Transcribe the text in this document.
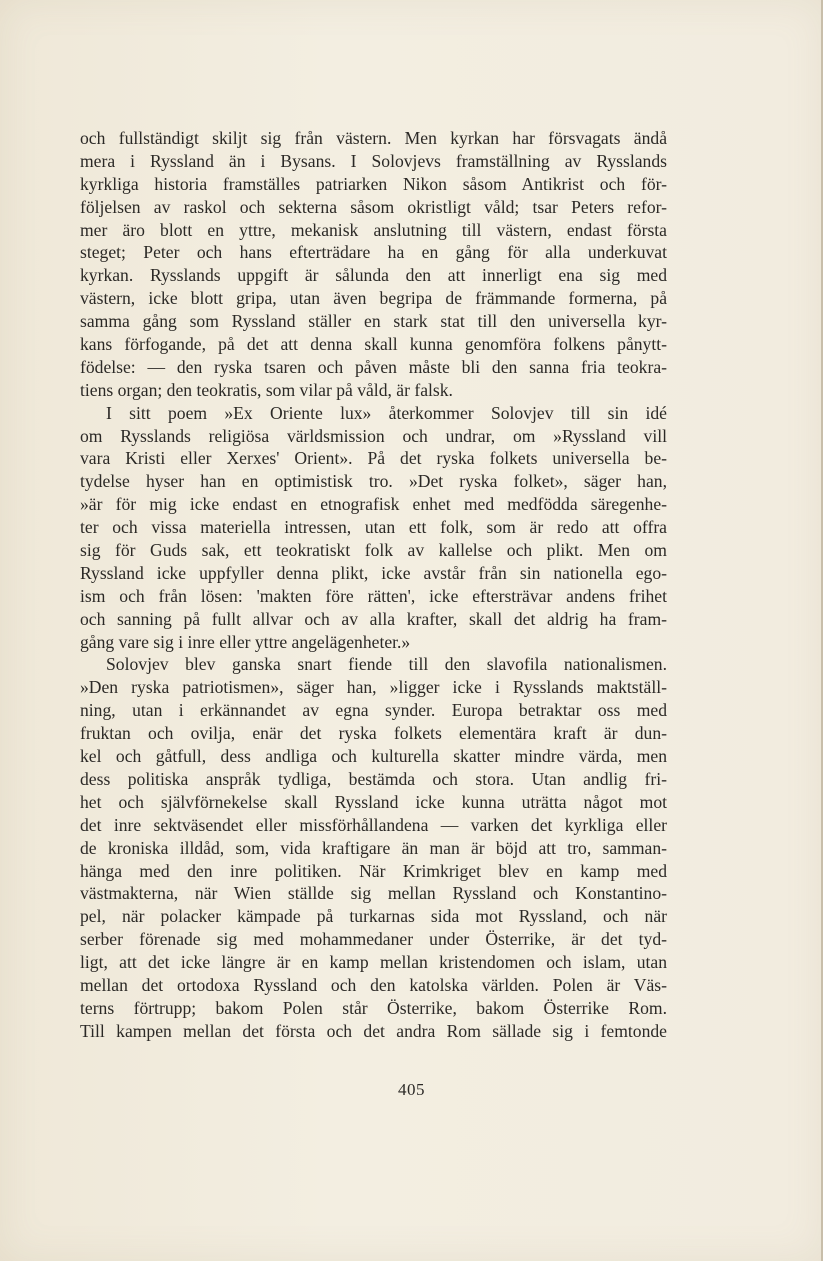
och fullständigt skiljt sig från västern. Men kyrkan har försvagats ändå
mera i Ryssland än i Bysans. I Solovjevs framställning av Rysslands
kyrkliga historia framställes patriarken Nikon såsom Antikrist och för-
följelsen av raskol och sekterna såsom okristligt våld; tsar Peters refor-
mer äro blott en yttre, mekanisk anslutning till västern, endast första
steget; Peter och hans efterträdare ha en gång för alla underkuvat
kyrkan. Rysslands uppgift är sålunda den att innerligt ena sig med
västern, icke blott gripa, utan även begripa de främmande formerna, på
samma gång som Ryssland ställer en stark stat till den universella kyr-
kans förfogande, på det att denna skall kunna genomföra folkens pånytt-
födelse: — den ryska tsaren och påven måste bli den sanna fria teokra-
tiens organ; den teokratis, som vilar på våld, är falsk.
I sitt poem »Ex Oriente lux» återkommer Solovjev till sin idé
om Rysslands religiösa världsmission och undrar, om »Ryssland vill
vara Kristi eller Xerxes' Orient». På det ryska folkets universella be-
tydelse hyser han en optimistisk tro. »Det ryska folket», säger han,
»är för mig icke endast en etnografisk enhet med medfödda säregenhe-
ter och vissa materiella intressen, utan ett folk, som är redo att offra
sig för Guds sak, ett teokratiskt folk av kallelse och plikt. Men om
Ryssland icke uppfyller denna plikt, icke avstår från sin nationella ego-
ism och från lösen: 'makten före rätten', icke eftersträvar andens frihet
och sanning på fullt allvar och av alla krafter, skall det aldrig ha fram-
gång vare sig i inre eller yttre angelägenheter.»
Solovjev blev ganska snart fiende till den slavofila nationalismen.
»Den ryska patriotismen», säger han, »ligger icke i Rysslands maktställ-
ning, utan i erkännandet av egna synder. Europa betraktar oss med
fruktan och ovilja, enär det ryska folkets elementära kraft är dun-
kel och gåtfull, dess andliga och kulturella skatter mindre värda, men
dess politiska anspråk tydliga, bestämda och stora. Utan andlig fri-
het och självförnekelse skall Ryssland icke kunna uträtta något mot
det inre sektväsendet eller missförhållandena — varken det kyrkliga eller
de kroniska illdåd, som, vida kraftigare än man är böjd att tro, samman-
hänga med den inre politiken. När Krimkriget blev en kamp med
västmakterna, när Wien ställde sig mellan Ryssland och Konstantino-
pel, när polacker kämpade på turkarnas sida mot Ryssland, och när
serber förenade sig med mohammedaner under Österrike, är det tyd-
ligt, att det icke längre är en kamp mellan kristendomen och islam, utan
mellan det ortodoxa Ryssland och den katolska världen. Polen är Väs-
terns förtrupp; bakom Polen står Österrike, bakom Österrike Rom.
Till kampen mellan det första och det andra Rom sällade sig i femtonde
405
